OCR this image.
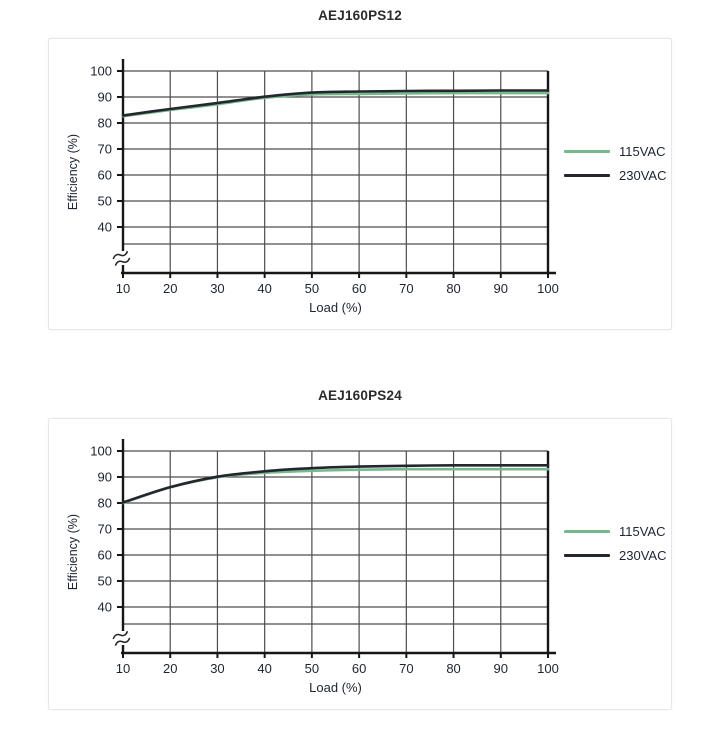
AEJ160PS12
40
50
60
70
80
90
100
10	20	30	40	50	60	70	80	90 100
Load (%)
Efficiency (%)	115VAC
230VAC
AEJ160PS24
40
50
60
70
80
90
100
10	20	30	40	50	60	70	80	90 100
Load (%)
Efficiency (%)	115VAC
230VAC
